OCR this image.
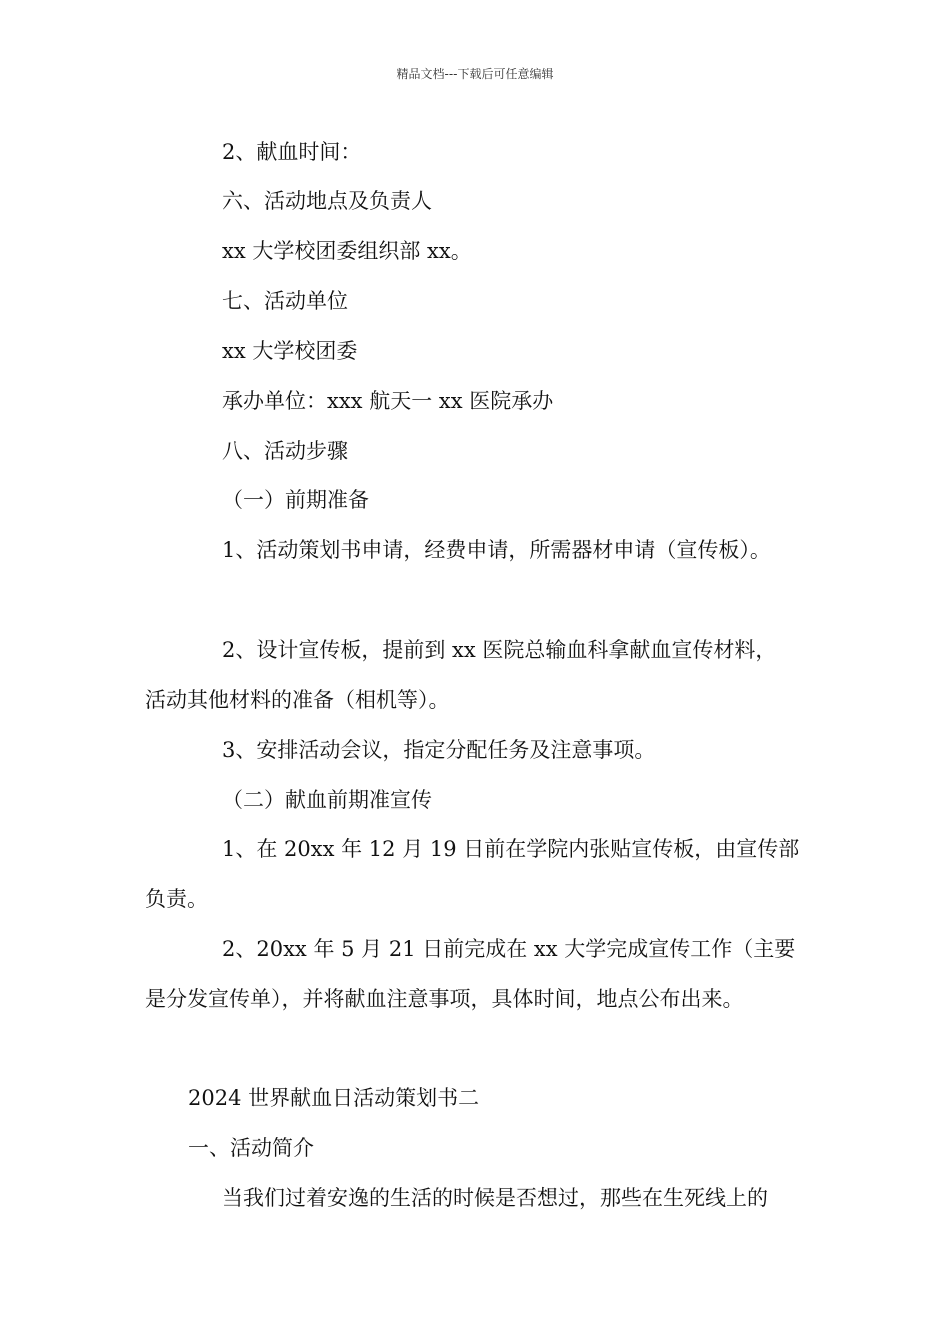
精品文档---下载后可任意编辑
2、献血时间：
六、活动地点及负责人
xx 大学校团委组织部 xx。
七、活动单位
xx 大学校团委
承办单位：xxx 航天一 xx 医院承办
八、活动步骤
（一）前期准备
1、活动策划书申请，经费申请，所需器材申请（宣传板）。
2、设计宣传板，提前到 xx 医院总输血科拿献血宣传材料，
活动其他材料的准备（相机等）。
3、安排活动会议，指定分配任务及注意事项。
（二）献血前期准宣传
1、在 20xx 年 12 月 19 日前在学院内张贴宣传板，由宣传部
负责。
2、20xx 年 5 月 21 日前完成在 xx 大学完成宣传工作（主要
是分发宣传单），并将献血注意事项，具体时间，地点公布出来。
2024 世界献血日活动策划书二
一、活动简介
当我们过着安逸的生活的时候是否想过，那些在生死线上的
